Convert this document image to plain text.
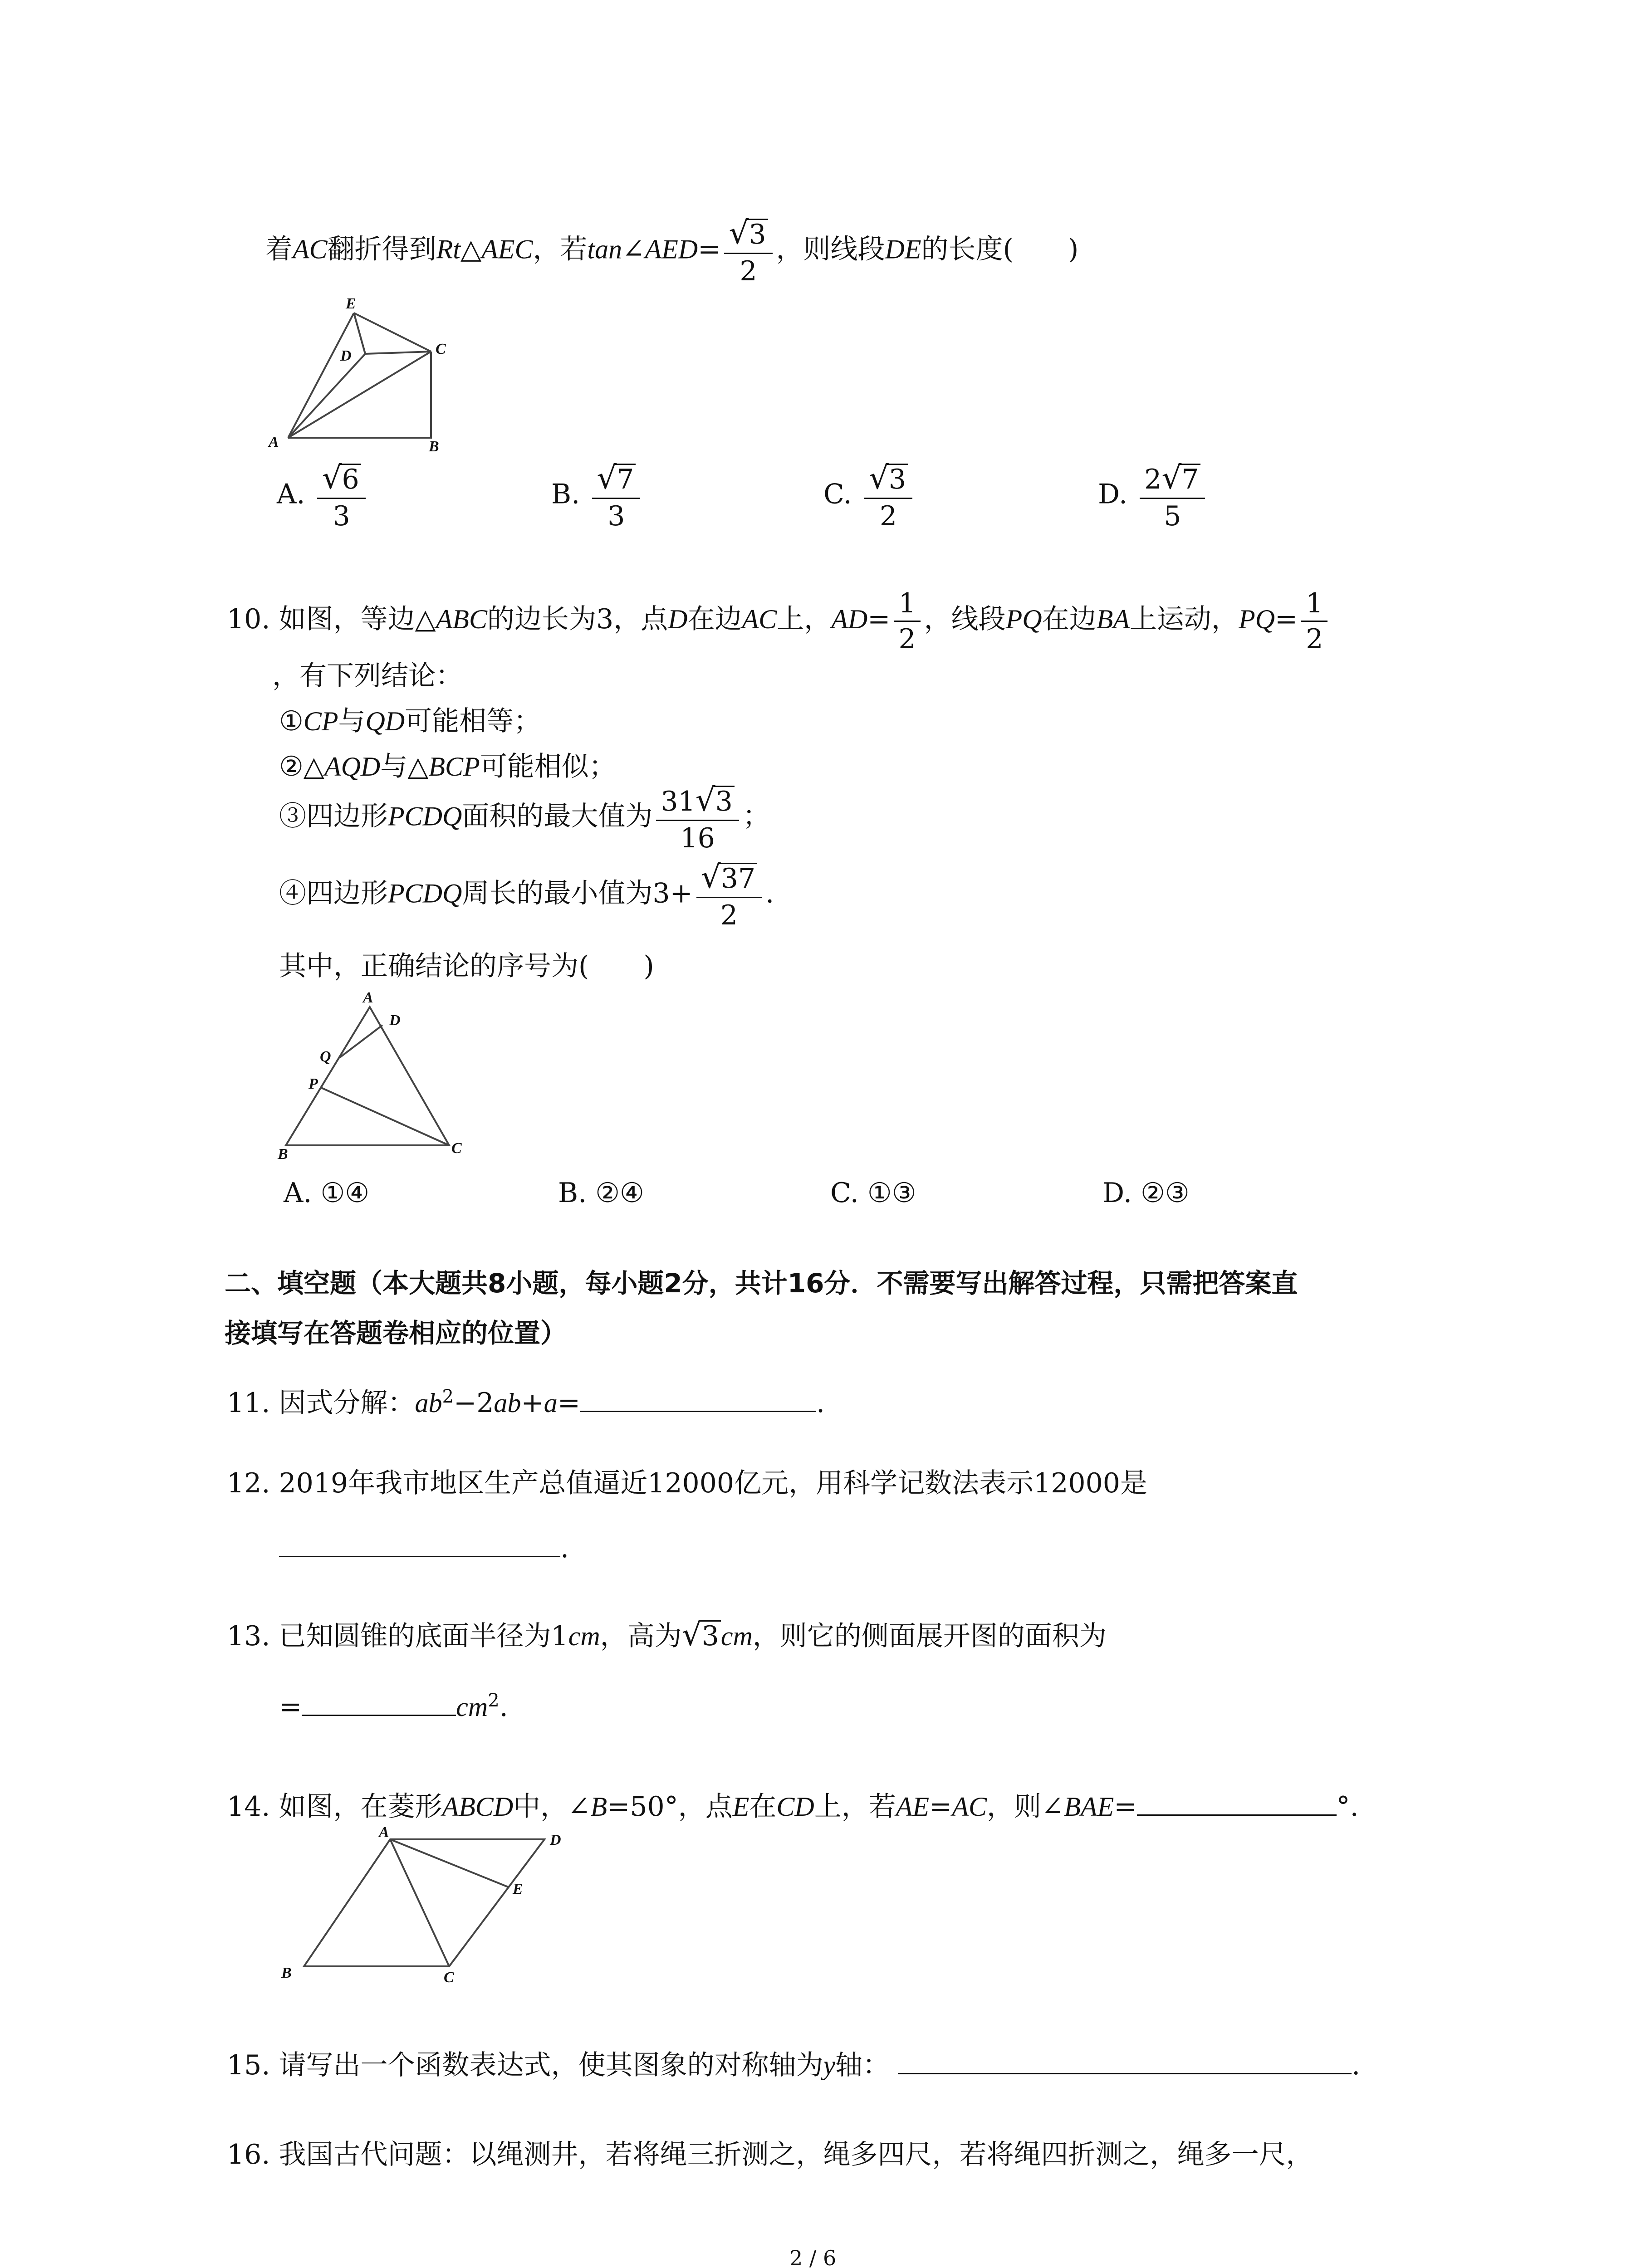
着AC翻折得到Rt△AEC，若tan∠AED= $\frac{√3}{2}$ ，则线段DE的长度(　　)
E
D	C
A	B
A. $\frac{√6}{3}$	B. $\frac{√7}{3}$	C. $\frac{√3}{2}$	D. $\frac{2√7}{5}$
10. 如图，等边△ABC的边长为3，点D在边AC上，$AD= \frac{1}{2}$ ，线段PQ在边BA上运动，$PQ= \frac{1}{2}$
，有下列结论：
①CP与QD可能相等；
②△AQD与△BCP可能相似；
③四边形PCDQ面积的最大值为 $\frac{31√3}{16}$ ；
④四边形PCDQ周长的最小值为$3+ \frac{√37}{2}$ .
其中，正确结论的序号为(　　)
A
D
Q
P
B	C
A. ①④	B. ②④	C. ①③	D. ②③
二、填空题（本大题共8小题，每小题2分，共计16分．不需要写出解答过程，只需把答案直
接填写在答题卷相应的位置）
11. 因式分解：$ab^2-2ab+a=$	.
12. 2019年我市地区生产总值逼近12000亿元，用科学记数法表示12000是
.
13. 已知圆锥的底面半径为1cm，高为√3cm，则它的侧面展开图的面积为
=	$cm^2$.
14. 如图，在菱形ABCD中，∠B=50°，点E在CD上，若AE=AC，则∠BAE=	°.
A	D
E
B	C
15. 请写出一个函数表达式，使其图象的对称轴为y轴：	.
16. 我国古代问题：以绳测井，若将绳三折测之，绳多四尺，若将绳四折测之，绳多一尺，
2 / 6
